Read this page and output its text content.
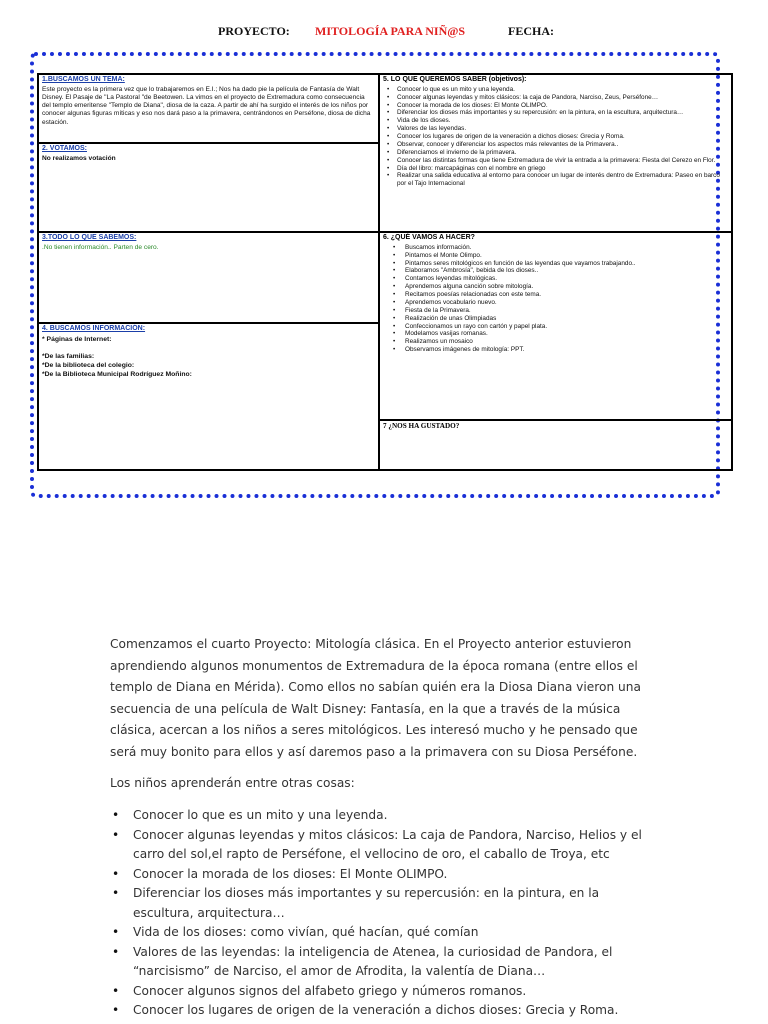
PROYECTO: MITOLOGÍA PARA NIÑ@S	FECHA:
1.BUSCAMOS UN TEMA:
Este proyecto es la primera vez que lo trabajaremos en E.I.; Nos ha dado pie la película de Fantasía de Walt Disney. El Pasaje de "La Pastoral "de Beetowen. La vimos en el proyecto de Extremadura como consecuencia del templo emeritense "Templo de Diana", diosa de la caza. A partir de ahí ha surgido el interés de los niños por conocer algunas figuras míticas y eso nos dará paso a la primavera, centrándonos en Perséfone, diosa de dicha estación.
2. VOTAMOS:
No realizamos votación
3.TODO LO QUE SABEMOS:
.No tienen información.. Parten de cero.
4. BUSCAMOS INFORMACIÓN:
* Páginas de Internet:
*De las familias:
*De la biblioteca del colegio:
*De la Biblioteca Municipal Rodríguez Moñino:
5. LO QUE QUEREMOS SABER (objetivos):
• Conocer lo que es un mito y una leyenda.
• Conocer algunas leyendas y mitos clásicos: la caja de Pandora, Narciso, Zeus, Perséfone…
• Conocer la morada de los dioses: El Monte OLIMPO.
• Diferenciar los dioses más importantes y su repercusión: en la pintura, en la escultura, arquitectura…
• Vida de los dioses.
• Valores de las leyendas.
• Conocer los lugares de origen de la veneración a dichos dioses: Grecia y Roma.
• Observar, conocer y diferenciar los aspectos más relevantes de la Primavera..
• Diferenciamos el invierno de la primavera.
• Conocer las distintas formas que tiene Extremadura de vivir la entrada a la primavera: Fiesta del Cerezo en Flor.
• Día del libro: marcapáginas con el nombre en griego
• Realizar una salida educativa al entorno para conocer un lugar de interés dentro de Extremadura: Paseo en barco por el Tajo Internacional
6. ¿QUÉ VAMOS A HACER?
• Buscamos información.
• Pintamos el Monte Olimpo.
• Pintamos seres mitológicos en función de las leyendas que vayamos trabajando..
• Elaboramos "Ambrosía", bebida de los dioses..
• Contamos leyendas mitológicas.
• Aprendemos alguna canción sobre mitología.
• Recitamos poesías relacionadas con este tema.
• Aprendemos vocabulario nuevo.
• Fiesta de la Primavera.
• Realización de unas Olimpiadas
• Confeccionamos un rayo con cartón y papel plata.
• Modelamos vasijas romanas.
• Realizamos un mosaico
• Observamos imágenes de mitología: PPT.
7 ¿NOS HA GUSTADO?

Comenzamos el cuarto Proyecto: Mitología clásica. En el Proyecto anterior estuvieron aprendiendo algunos monumentos de Extremadura de la época romana (entre ellos el templo de Diana en Mérida). Como ellos no sabían quién era la Diosa Diana vieron una secuencia de una película de Walt Disney: Fantasía, en la que a través de la música clásica, acercan a los niños a seres mitológicos. Les interesó mucho y he pensado que será muy bonito para ellos y así daremos paso a la primavera con su Diosa Perséfone.

Los niños aprenderán entre otras cosas:

• Conocer lo que es un mito y una leyenda.
• Conocer algunas leyendas y mitos clásicos: La caja de Pandora, Narciso, Helios y el carro del sol,el rapto de Perséfone, el vellocino de oro, el caballo de Troya, etc
• Conocer la morada de los dioses: El Monte OLIMPO.
• Diferenciar los dioses más importantes y su repercusión: en la pintura, en la escultura, arquitectura…
• Vida de los dioses: como vivían, qué hacían, qué comían
• Valores de las leyendas: la inteligencia de Atenea, la curiosidad de Pandora, el “narcisismo” de Narciso, el amor de Afrodita, la valentía de Diana…
• Conocer algunos signos del alfabeto griego y números romanos.
• Conocer los lugares de origen de la veneración a dichos dioses: Grecia y Roma.
